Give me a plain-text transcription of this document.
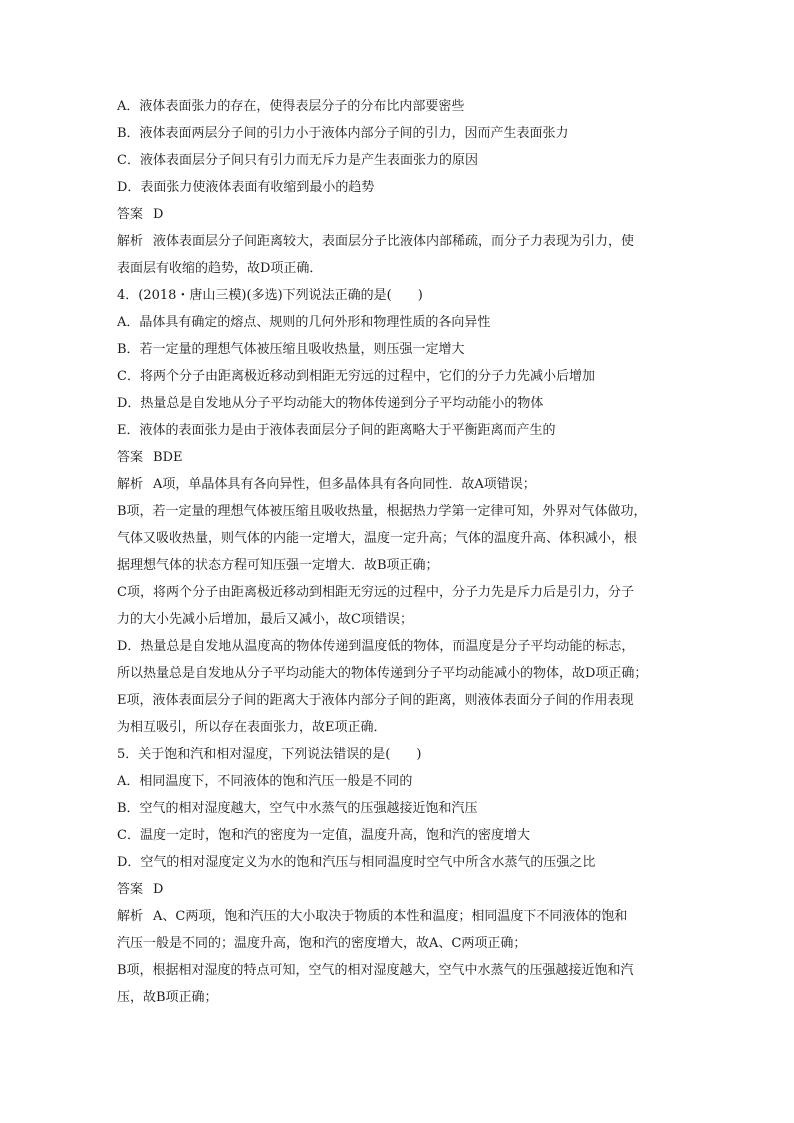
A．液体表面张力的存在，使得表层分子的分布比内部要密些

B．液体表面两层分子间的引力小于液体内部分子间的引力，因而产生表面张力

C．液体表面层分子间只有引力而无斥力是产生表面张力的原因

D．表面张力使液体表面有收缩到最小的趋势

答案 D

解析 液体表面层分子间距离较大，表面层分子比液体内部稀疏，而分子力表现为引力，使

表面层有收缩的趋势，故D项正确．

4．(2018・唐山三模)(多选)下列说法正确的是(　　)

A．晶体具有确定的熔点、规则的几何外形和物理性质的各向异性

B．若一定量的理想气体被压缩且吸收热量，则压强一定增大

C．将两个分子由距离极近移动到相距无穷远的过程中，它们的分子力先减小后增加

D．热量总是自发地从分子平均动能大的物体传递到分子平均动能小的物体

E．液体的表面张力是由于液体表面层分子间的距离略大于平衡距离而产生的

答案 BDE

解析 A项，单晶体具有各向异性，但多晶体具有各向同性．故A项错误；

B项，若一定量的理想气体被压缩且吸收热量，根据热力学第一定律可知，外界对气体做功，

气体又吸收热量，则气体的内能一定增大，温度一定升高；气体的温度升高、体积减小，根

据理想气体的状态方程可知压强一定增大．故B项正确；

C项，将两个分子由距离极近移动到相距无穷远的过程中，分子力先是斥力后是引力，分子

力的大小先减小后增加，最后又减小，故C项错误；

D．热量总是自发地从温度高的物体传递到温度低的物体，而温度是分子平均动能的标志，

所以热量总是自发地从分子平均动能大的物体传递到分子平均动能减小的物体，故D项正确；

E项，液体表面层分子间的距离大于液体内部分子间的距离，则液体表面分子间的作用表现

为相互吸引，所以存在表面张力，故E项正确．

5．关于饱和汽和相对湿度，下列说法错误的是(　　)

A．相同温度下，不同液体的饱和汽压一般是不同的

B．空气的相对湿度越大，空气中水蒸气的压强越接近饱和汽压

C．温度一定时，饱和汽的密度为一定值，温度升高，饱和汽的密度增大

D．空气的相对湿度定义为水的饱和汽压与相同温度时空气中所含水蒸气的压强之比

答案 D

解析 A、C两项，饱和汽压的大小取决于物质的本性和温度；相同温度下不同液体的饱和

汽压一般是不同的；温度升高，饱和汽的密度增大，故A、C两项正确；

B项，根据相对湿度的特点可知，空气的相对湿度越大，空气中水蒸气的压强越接近饱和汽

压，故B项正确；
